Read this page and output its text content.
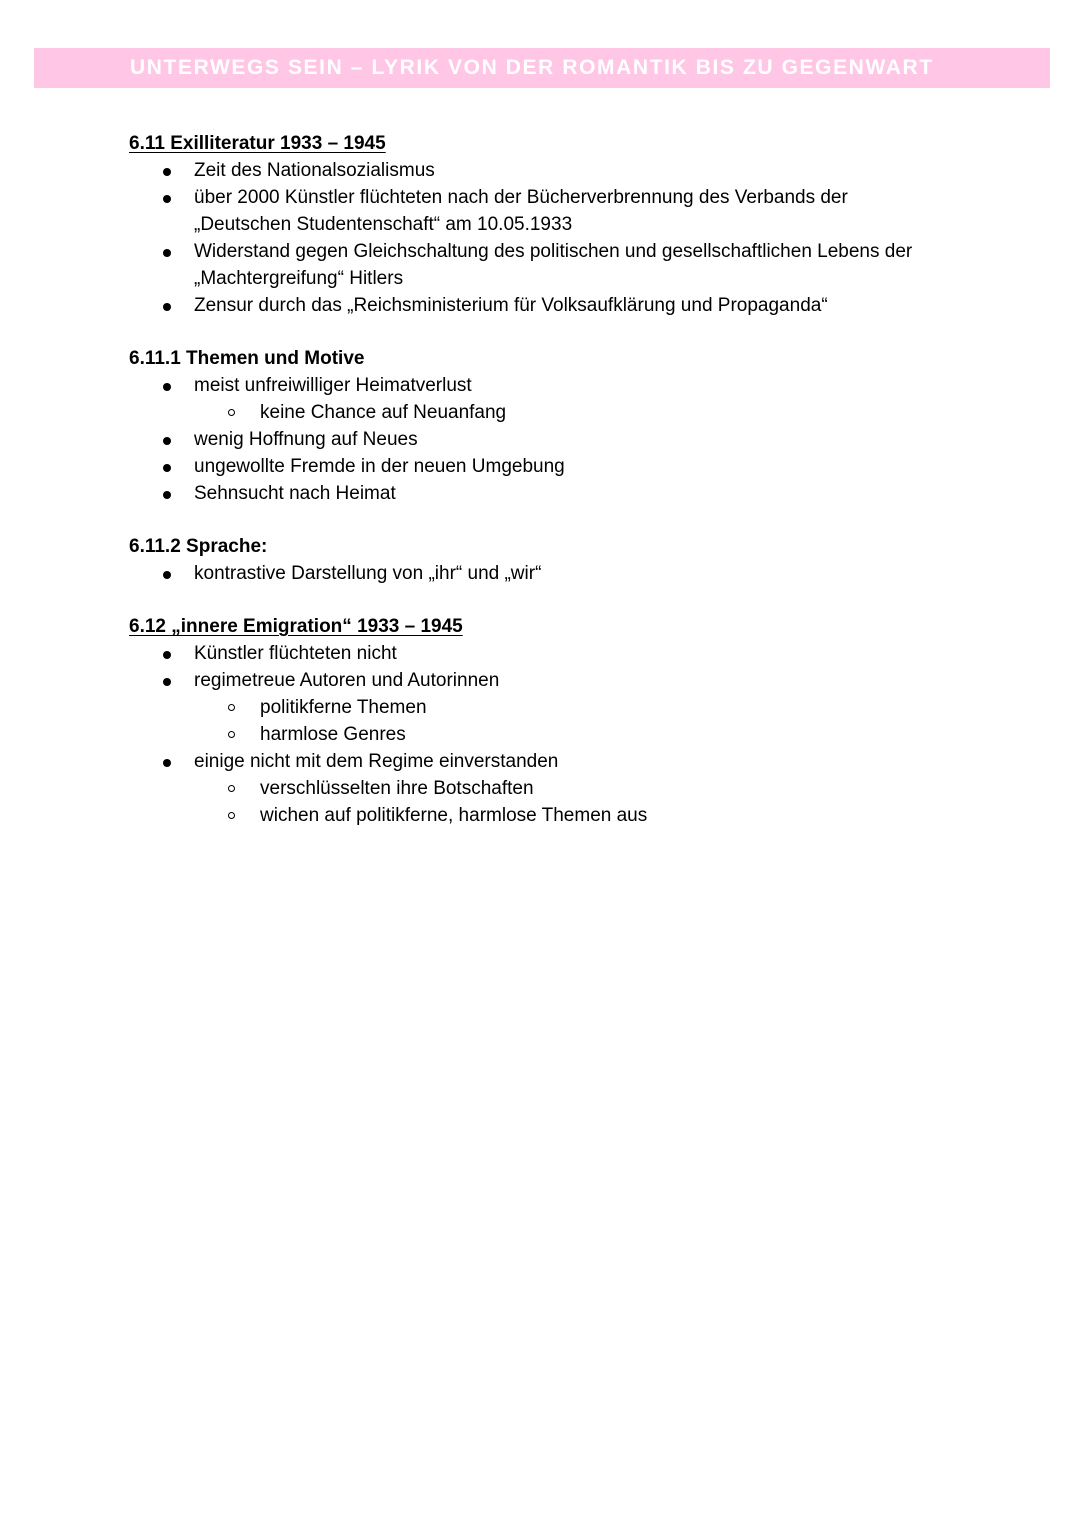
UNTERWEGS SEIN – LYRIK VON DER ROMANTIK BIS ZU GEGENWART
6.11 Exilliteratur 1933 – 1945
Zeit des Nationalsozialismus
über 2000 Künstler flüchteten nach der Bücherverbrennung des Verbands der „Deutschen Studentenschaft“ am 10.05.1933
Widerstand gegen Gleichschaltung des politischen und gesellschaftlichen Lebens der „Machtergreifung“ Hitlers
Zensur durch das „Reichsministerium für Volksaufklärung und Propaganda“
6.11.1 Themen und Motive
meist unfreiwilliger Heimatverlust
keine Chance auf Neuanfang
wenig Hoffnung auf Neues
ungewollte Fremde in der neuen Umgebung
Sehnsucht nach Heimat
6.11.2 Sprache:
kontrastive Darstellung von „ihr“ und „wir“
6.12 „innere Emigration“ 1933 – 1945
Künstler flüchteten nicht
regimetreue Autoren und Autorinnen
politikferne Themen
harmlose Genres
einige nicht mit dem Regime einverstanden
verschlüsselten ihre Botschaften
wichen auf politikferne, harmlose Themen aus
